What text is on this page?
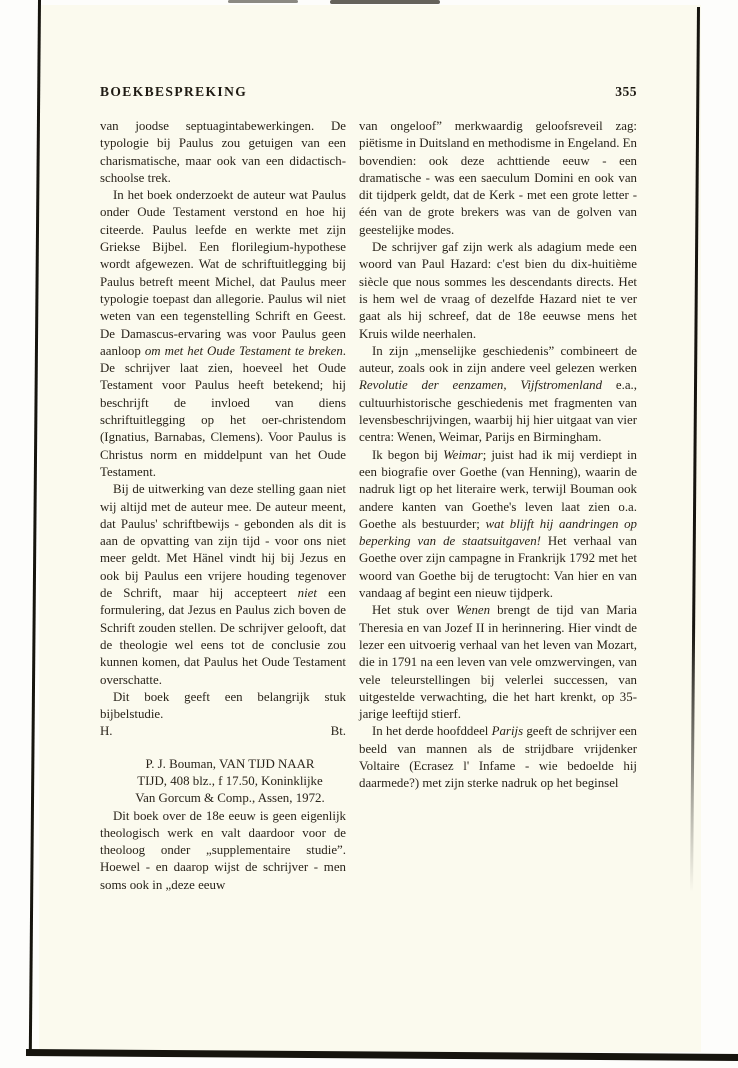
BOEKBESPREKING	355

van joodse septuagintabewerkingen. De typologie bij Paulus zou getuigen van een charismatische, maar ook van een didactisch-schoolse trek.

In het boek onderzoekt de auteur wat Paulus onder Oude Testament verstond en hoe hij citeerde. Paulus leefde en werkte met zijn Griekse Bijbel. Een florilegium-hypothese wordt afgewezen. Wat de schriftuitlegging bij Paulus betreft meent Michel, dat Paulus meer typologie toepast dan allegorie. Paulus wil niet weten van een tegenstelling Schrift en Geest. De Damascus-ervaring was voor Paulus geen aanloop om met het Oude Testament te breken. De schrijver laat zien, hoeveel het Oude Testament voor Paulus heeft betekend; hij beschrijft de invloed van diens schriftuitlegging op het oer-christendom (Ignatius, Barnabas, Clemens). Voor Paulus is Christus norm en middelpunt van het Oude Testament.

Bij de uitwerking van deze stelling gaan niet wij altijd met de auteur mee. De auteur meent, dat Paulus' schriftbewijs - gebonden als dit is aan de opvatting van zijn tijd - voor ons niet meer geldt. Met Hänel vindt hij bij Jezus en ook bij Paulus een vrijere houding tegenover de Schrift, maar hij accepteert niet een formulering, dat Jezus en Paulus zich boven de Schrift zouden stellen. De schrijver gelooft, dat de theologie wel eens tot de conclusie zou kunnen komen, dat Paulus het Oude Testament overschatte.

Dit boek geeft een belangrijk stuk bijbelstudie.

H.	Bt.

P. J. Bouman, VAN TIJD NAAR TIJD, 408 blz., f 17.50, Koninklijke Van Gorcum & Comp., Assen, 1972.

Dit boek over de 18e eeuw is geen eigenlijk theologisch werk en valt daardoor voor de theoloog onder „supplementaire studie”. Hoewel - en daarop wijst de schrijver - men soms ook in „deze eeuw

van ongeloof” merkwaardig geloofsreveil zag: piëtisme in Duitsland en methodisme in Engeland. En bovendien: ook deze achttiende eeuw - een dramatische - was een saeculum Domini en ook van dit tijdperk geldt, dat de Kerk - met een grote letter - één van de grote brekers was van de golven van geestelijke modes.

De schrijver gaf zijn werk als adagium mede een woord van Paul Hazard: c'est bien du dix-huitième siècle que nous sommes les descendants directs. Het is hem wel de vraag of dezelfde Hazard niet te ver gaat als hij schreef, dat de 18e eeuwse mens het Kruis wilde neerhalen.

In zijn „menselijke geschiedenis” combineert de auteur, zoals ook in zijn andere veel gelezen werken Revolutie der eenzamen, Vijfstromenland e.a., cultuurhistorische geschiedenis met fragmenten van levensbeschrijvingen, waarbij hij hier uitgaat van vier centra: Wenen, Weimar, Parijs en Birmingham.

Ik begon bij Weimar; juist had ik mij verdiept in een biografie over Goethe (van Henning), waarin de nadruk ligt op het literaire werk, terwijl Bouman ook andere kanten van Goethe's leven laat zien o.a. Goethe als bestuurder; wat blijft hij aandringen op beperking van de staatsuitgaven! Het verhaal van Goethe over zijn campagne in Frankrijk 1792 met het woord van Goethe bij de terugtocht: Van hier en van vandaag af begint een nieuw tijdperk.

Het stuk over Wenen brengt de tijd van Maria Theresia en van Jozef II in herinnering. Hier vindt de lezer een uitvoerig verhaal van het leven van Mozart, die in 1791 na een leven van vele omzwervingen, van vele teleurstellingen bij velerlei successen, van uitgestelde verwachting, die het hart krenkt, op 35-jarige leeftijd stierf.

In het derde hoofddeel Parijs geeft de schrijver een beeld van mannen als de strijdbare vrijdenker Voltaire (Ecrasez l' Infame - wie bedoelde hij daarmede?) met zijn sterke nadruk op het beginsel
